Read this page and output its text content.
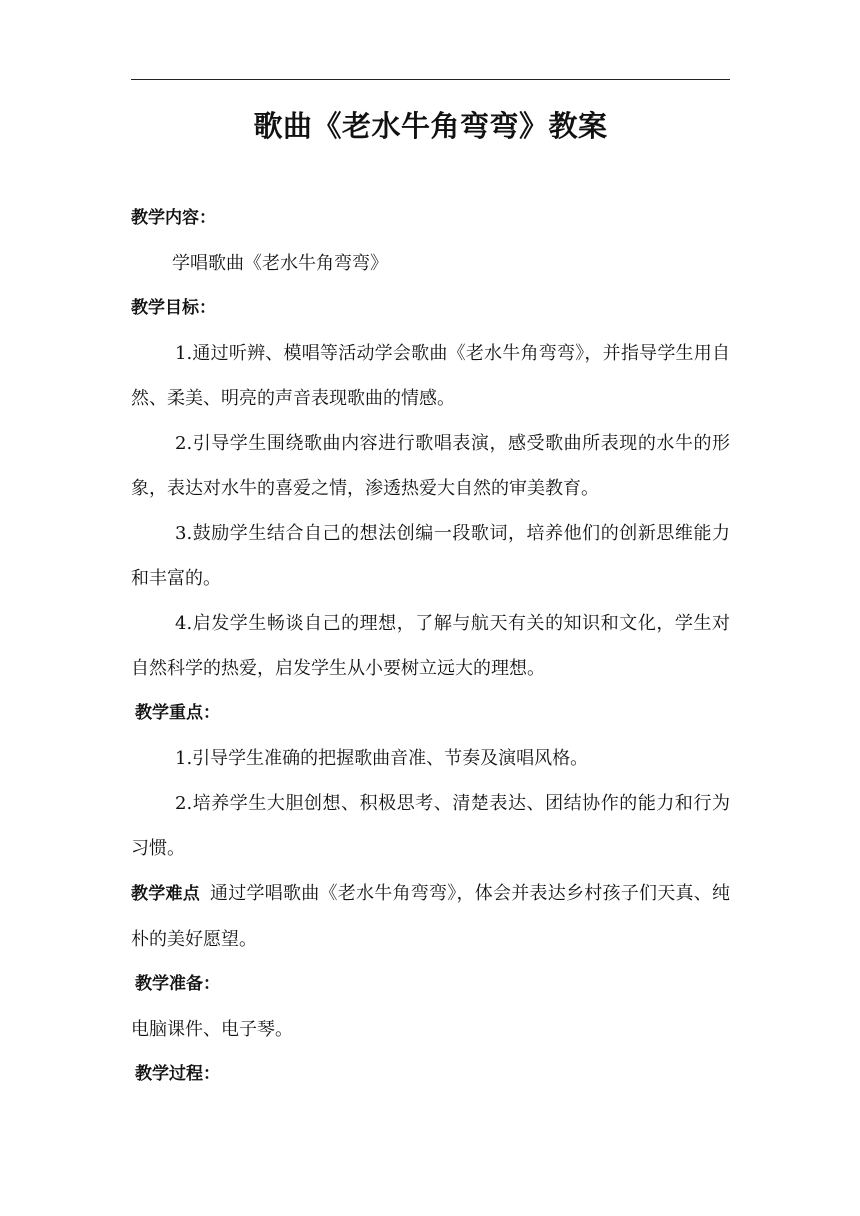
歌曲《老水牛角弯弯》教案

教学内容：

学唱歌曲《老水牛角弯弯》

教学目标：

1.通过听辨、模唱等活动学会歌曲《老水牛角弯弯》，并指导学生用自然、柔美、明亮的声音表现歌曲的情感。

2.引导学生围绕歌曲内容进行歌唱表演，感受歌曲所表现的水牛的形象，表达对水牛的喜爱之情，渗透热爱大自然的审美教育。

3.鼓励学生结合自己的想法创编一段歌词，培养他们的创新思维能力和丰富的。

4.启发学生畅谈自己的理想，了解与航天有关的知识和文化，学生对自然科学的热爱，启发学生从小要树立远大的理想。

教学重点：

1.引导学生准确的把握歌曲音准、节奏及演唱风格。

2.培养学生大胆创想、积极思考、清楚表达、团结协作的能力和行为习惯。

教学难点 通过学唱歌曲《老水牛角弯弯》，体会并表达乡村孩子们天真、纯朴的美好愿望。

教学准备：

电脑课件、电子琴。

教学过程：
